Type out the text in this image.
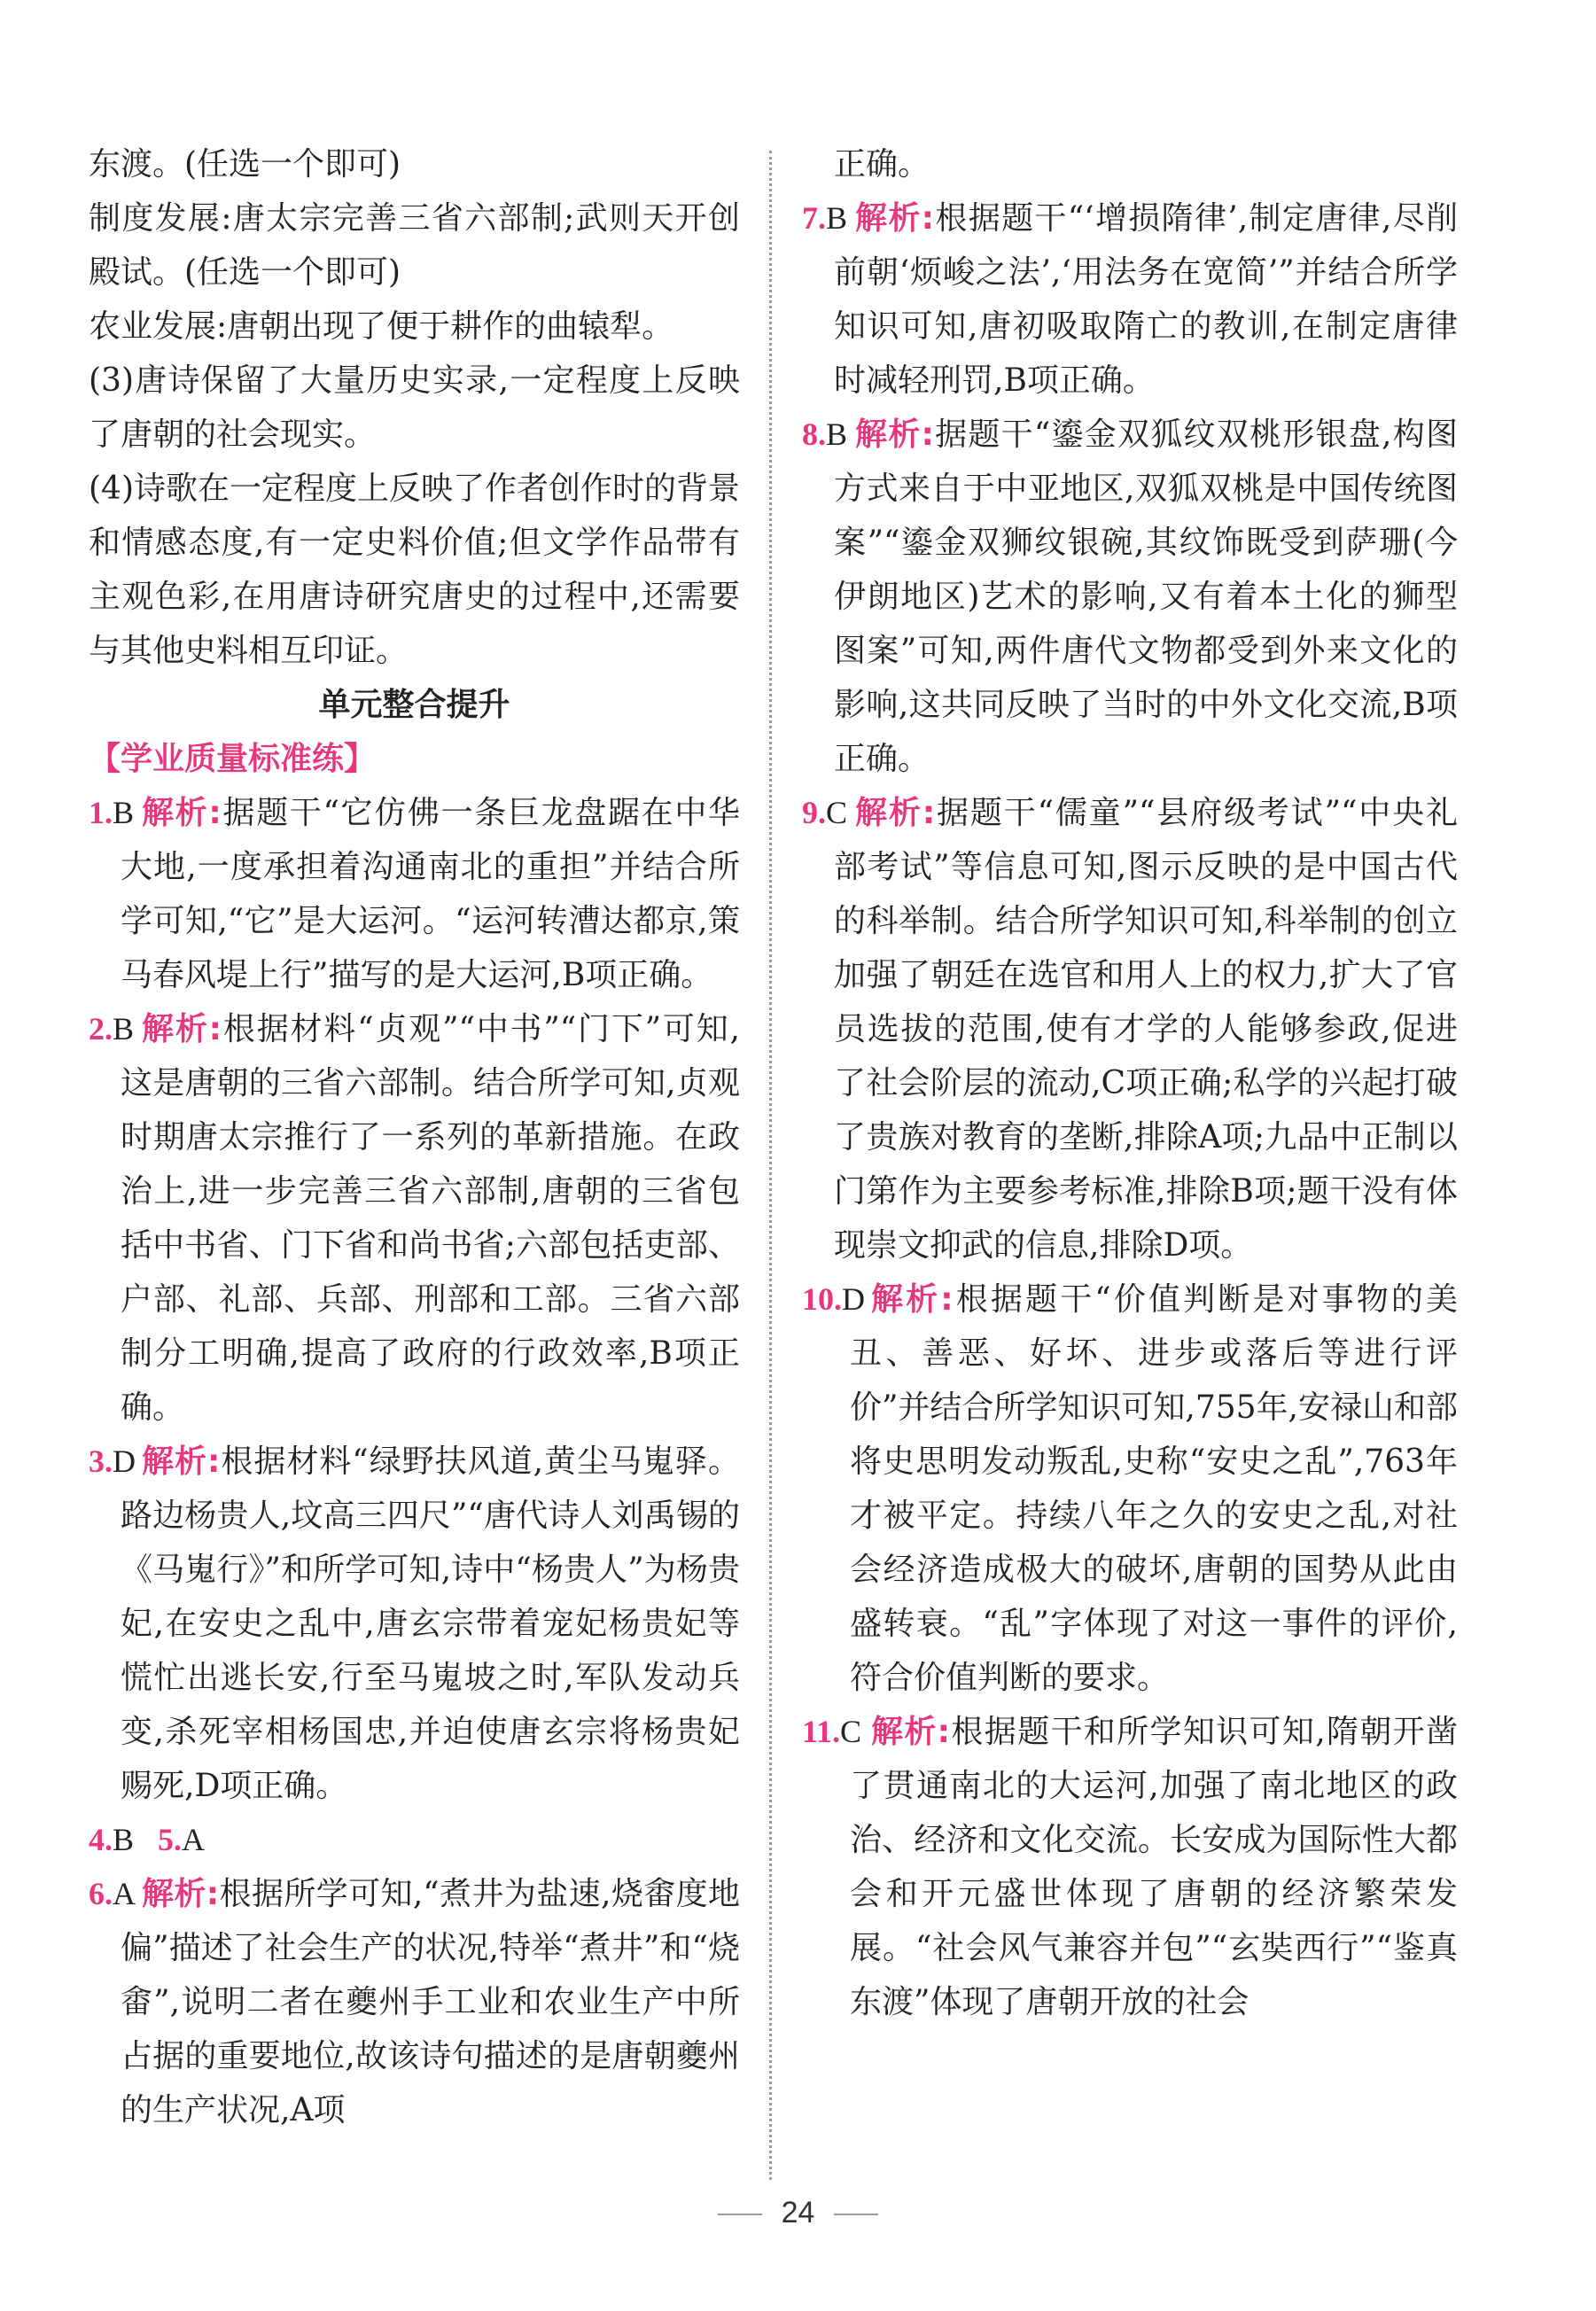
东渡。(任选一个即可)

制度发展:唐太宗完善三省六部制;武则天开创殿试。(任选一个即可)

农业发展:唐朝出现了便于耕作的曲辕犁。

(3)唐诗保留了大量历史实录,一定程度上反映了唐朝的社会现实。

(4)诗歌在一定程度上反映了作者创作时的背景和情感态度,有一定史料价值;但文学作品带有主观色彩,在用唐诗研究唐史的过程中,还需要与其他史料相互印证。

单元整合提升

【学业质量标准练】

1.B 解析:据题干“它仿佛一条巨龙盘踞在中华大地,一度承担着沟通南北的重担”并结合所学可知,“它”是大运河。“运河转漕达都京,策马春风堤上行”描写的是大运河,B项正确。
2.B 解析:根据材料“贞观”“中书”“门下”可知,这是唐朝的三省六部制。结合所学可知,贞观时期唐太宗推行了一系列的革新措施。在政治上,进一步完善三省六部制,唐朝的三省包括中书省、门下省和尚书省;六部包括吏部、户部、礼部、兵部、刑部和工部。三省六部制分工明确,提高了政府的行政效率,B项正确。
3.D 解析:根据材料“绿野扶风道,黄尘马嵬驿。路边杨贵人,坟高三四尺”“唐代诗人刘禹锡的《马嵬行》”和所学可知,诗中“杨贵人”为杨贵妃,在安史之乱中,唐玄宗带着宠妃杨贵妃等慌忙出逃长安,行至马嵬坡之时,军队发动兵变,杀死宰相杨国忠,并迫使唐玄宗将杨贵妃赐死,D项正确。

4.B 5.A

6.A 解析:根据所学可知,“煮井为盐速,烧畬度地偏”描述了社会生产的状况,特举“煮井”和“烧畬”,说明二者在夔州手工业和农业生产中所占据的重要地位,故该诗句描述的是唐朝夔州的生产状况,A项

正确。

7.B 解析:根据题干“‘增损隋律’,制定唐律,尽削前朝‘烦峻之法’,‘用法务在宽简’”并结合所学知识可知,唐初吸取隋亡的教训,在制定唐律时减轻刑罚,B项正确。
8.B 解析:据题干“鎏金双狐纹双桃形银盘,构图方式来自于中亚地区,双狐双桃是中国传统图案”“鎏金双狮纹银碗,其纹饰既受到萨珊(今伊朗地区)艺术的影响,又有着本土化的狮型图案”可知,两件唐代文物都受到外来文化的影响,这共同反映了当时的中外文化交流,B项正确。
9.C 解析:据题干“儒童”“县府级考试”“中央礼部考试”等信息可知,图示反映的是中国古代的科举制。结合所学知识可知,科举制的创立加强了朝廷在选官和用人上的权力,扩大了官员选拔的范围,使有才学的人能够参政,促进了社会阶层的流动,C项正确;私学的兴起打破了贵族对教育的垄断,排除A项;九品中正制以门第作为主要参考标准,排除B项;题干没有体现崇文抑武的信息,排除D项。
10.D 解析:根据题干“价值判断是对事物的美丑、善恶、好坏、进步或落后等进行评价”并结合所学知识可知,755年,安禄山和部将史思明发动叛乱,史称“安史之乱”,763年才被平定。持续八年之久的安史之乱,对社会经济造成极大的破坏,唐朝的国势从此由盛转衰。“乱”字体现了对这一事件的评价,符合价值判断的要求。
11.C 解析:根据题干和所学知识可知,隋朝开凿了贯通南北的大运河,加强了南北地区的政治、经济和文化交流。长安成为国际性大都会和开元盛世体现了唐朝的经济繁荣发展。“社会风气兼容并包”“玄奘西行”“鉴真东渡”体现了唐朝开放的社会
24
